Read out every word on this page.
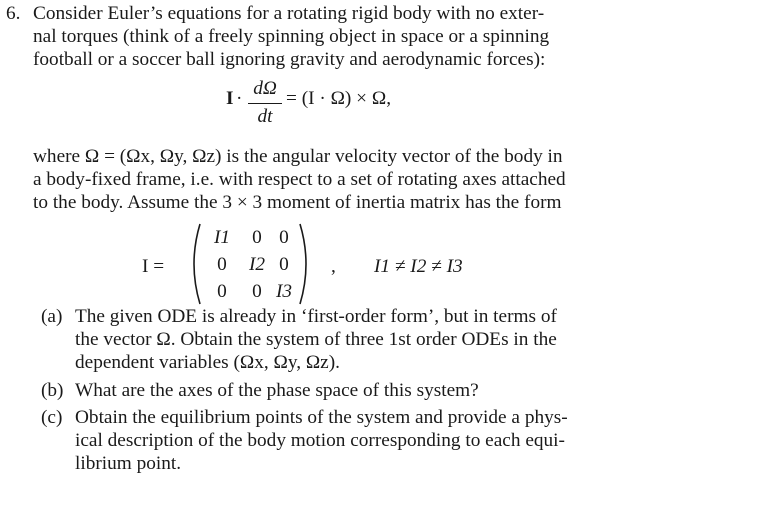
6. Consider Euler’s equations for a rotating rigid body with no exter-

nal torques (think of a freely spinning object in space or a spinning

football or a soccer ball ignoring gravity and aerodynamic forces):

I · dΩ
dt
= (I · Ω) × Ω,

where Ω = (Ωx, Ωy, Ωz) is the angular velocity vector of the body in

a body-fixed frame, i.e. with respect to a set of rotating axes attached

to the body. Assume the 3 × 3 moment of inertia matrix has the form

I =
I1	0 0
0	I2 0
0	0 I3
, I1 ≠ I2 ≠ I3
(a) The given ODE is already in ‘first-order form’, but in terms of

the vector Ω. Obtain the system of three 1st order ODEs in the

dependent variables (Ωx, Ωy, Ωz).

(b) What are the axes of the phase space of this system?

(c) Obtain the equilibrium points of the system and provide a phys-

ical description of the body motion corresponding to each equi-

librium point.
